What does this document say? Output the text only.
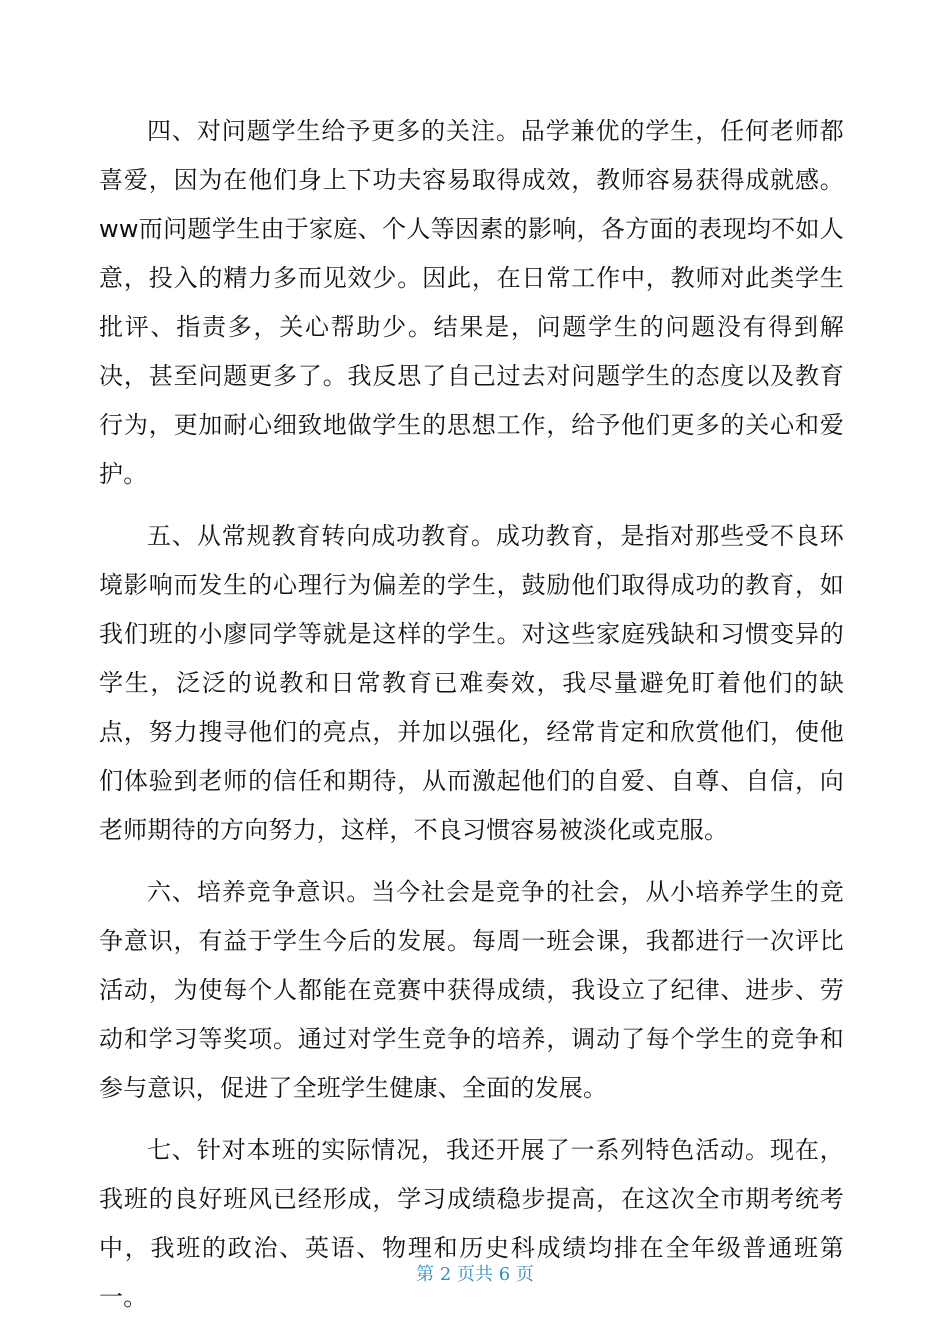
四、对问题学生给予更多的关注。品学兼优的学生，任何老师都喜爱，因为在他们身上下功夫容易取得成效，教师容易获得成就感。ww而问题学生由于家庭、个人等因素的影响，各方面的表现均不如人意，投入的精力多而见效少。因此，在日常工作中，教师对此类学生批评、指责多，关心帮助少。结果是，问题学生的问题没有得到解决，甚至问题更多了。我反思了自己过去对问题学生的态度以及教育行为，更加耐心细致地做学生的思想工作，给予他们更多的关心和爱护。

五、从常规教育转向成功教育。成功教育，是指对那些受不良环境影响而发生的心理行为偏差的学生，鼓励他们取得成功的教育，如我们班的小廖同学等就是这样的学生。对这些家庭残缺和习惯变异的学生，泛泛的说教和日常教育已难奏效，我尽量避免盯着他们的缺点，努力搜寻他们的亮点，并加以强化，经常肯定和欣赏他们，使他们体验到老师的信任和期待，从而激起他们的自爱、自尊、自信，向老师期待的方向努力，这样，不良习惯容易被淡化或克服。

六、培养竞争意识。当今社会是竞争的社会，从小培养学生的竞争意识，有益于学生今后的发展。每周一班会课，我都进行一次评比活动，为使每个人都能在竞赛中获得成绩，我设立了纪律、进步、劳动和学习等奖项。通过对学生竞争的培养，调动了每个学生的竞争和参与意识，促进了全班学生健康、全面的发展。

七、针对本班的实际情况，我还开展了一系列特色活动。现在，我班的良好班风已经形成，学习成绩稳步提高，在这次全市期考统考中，我班的政治、英语、物理和历史科成绩均排在全年级普通班第一。

第 2 页共 6 页
